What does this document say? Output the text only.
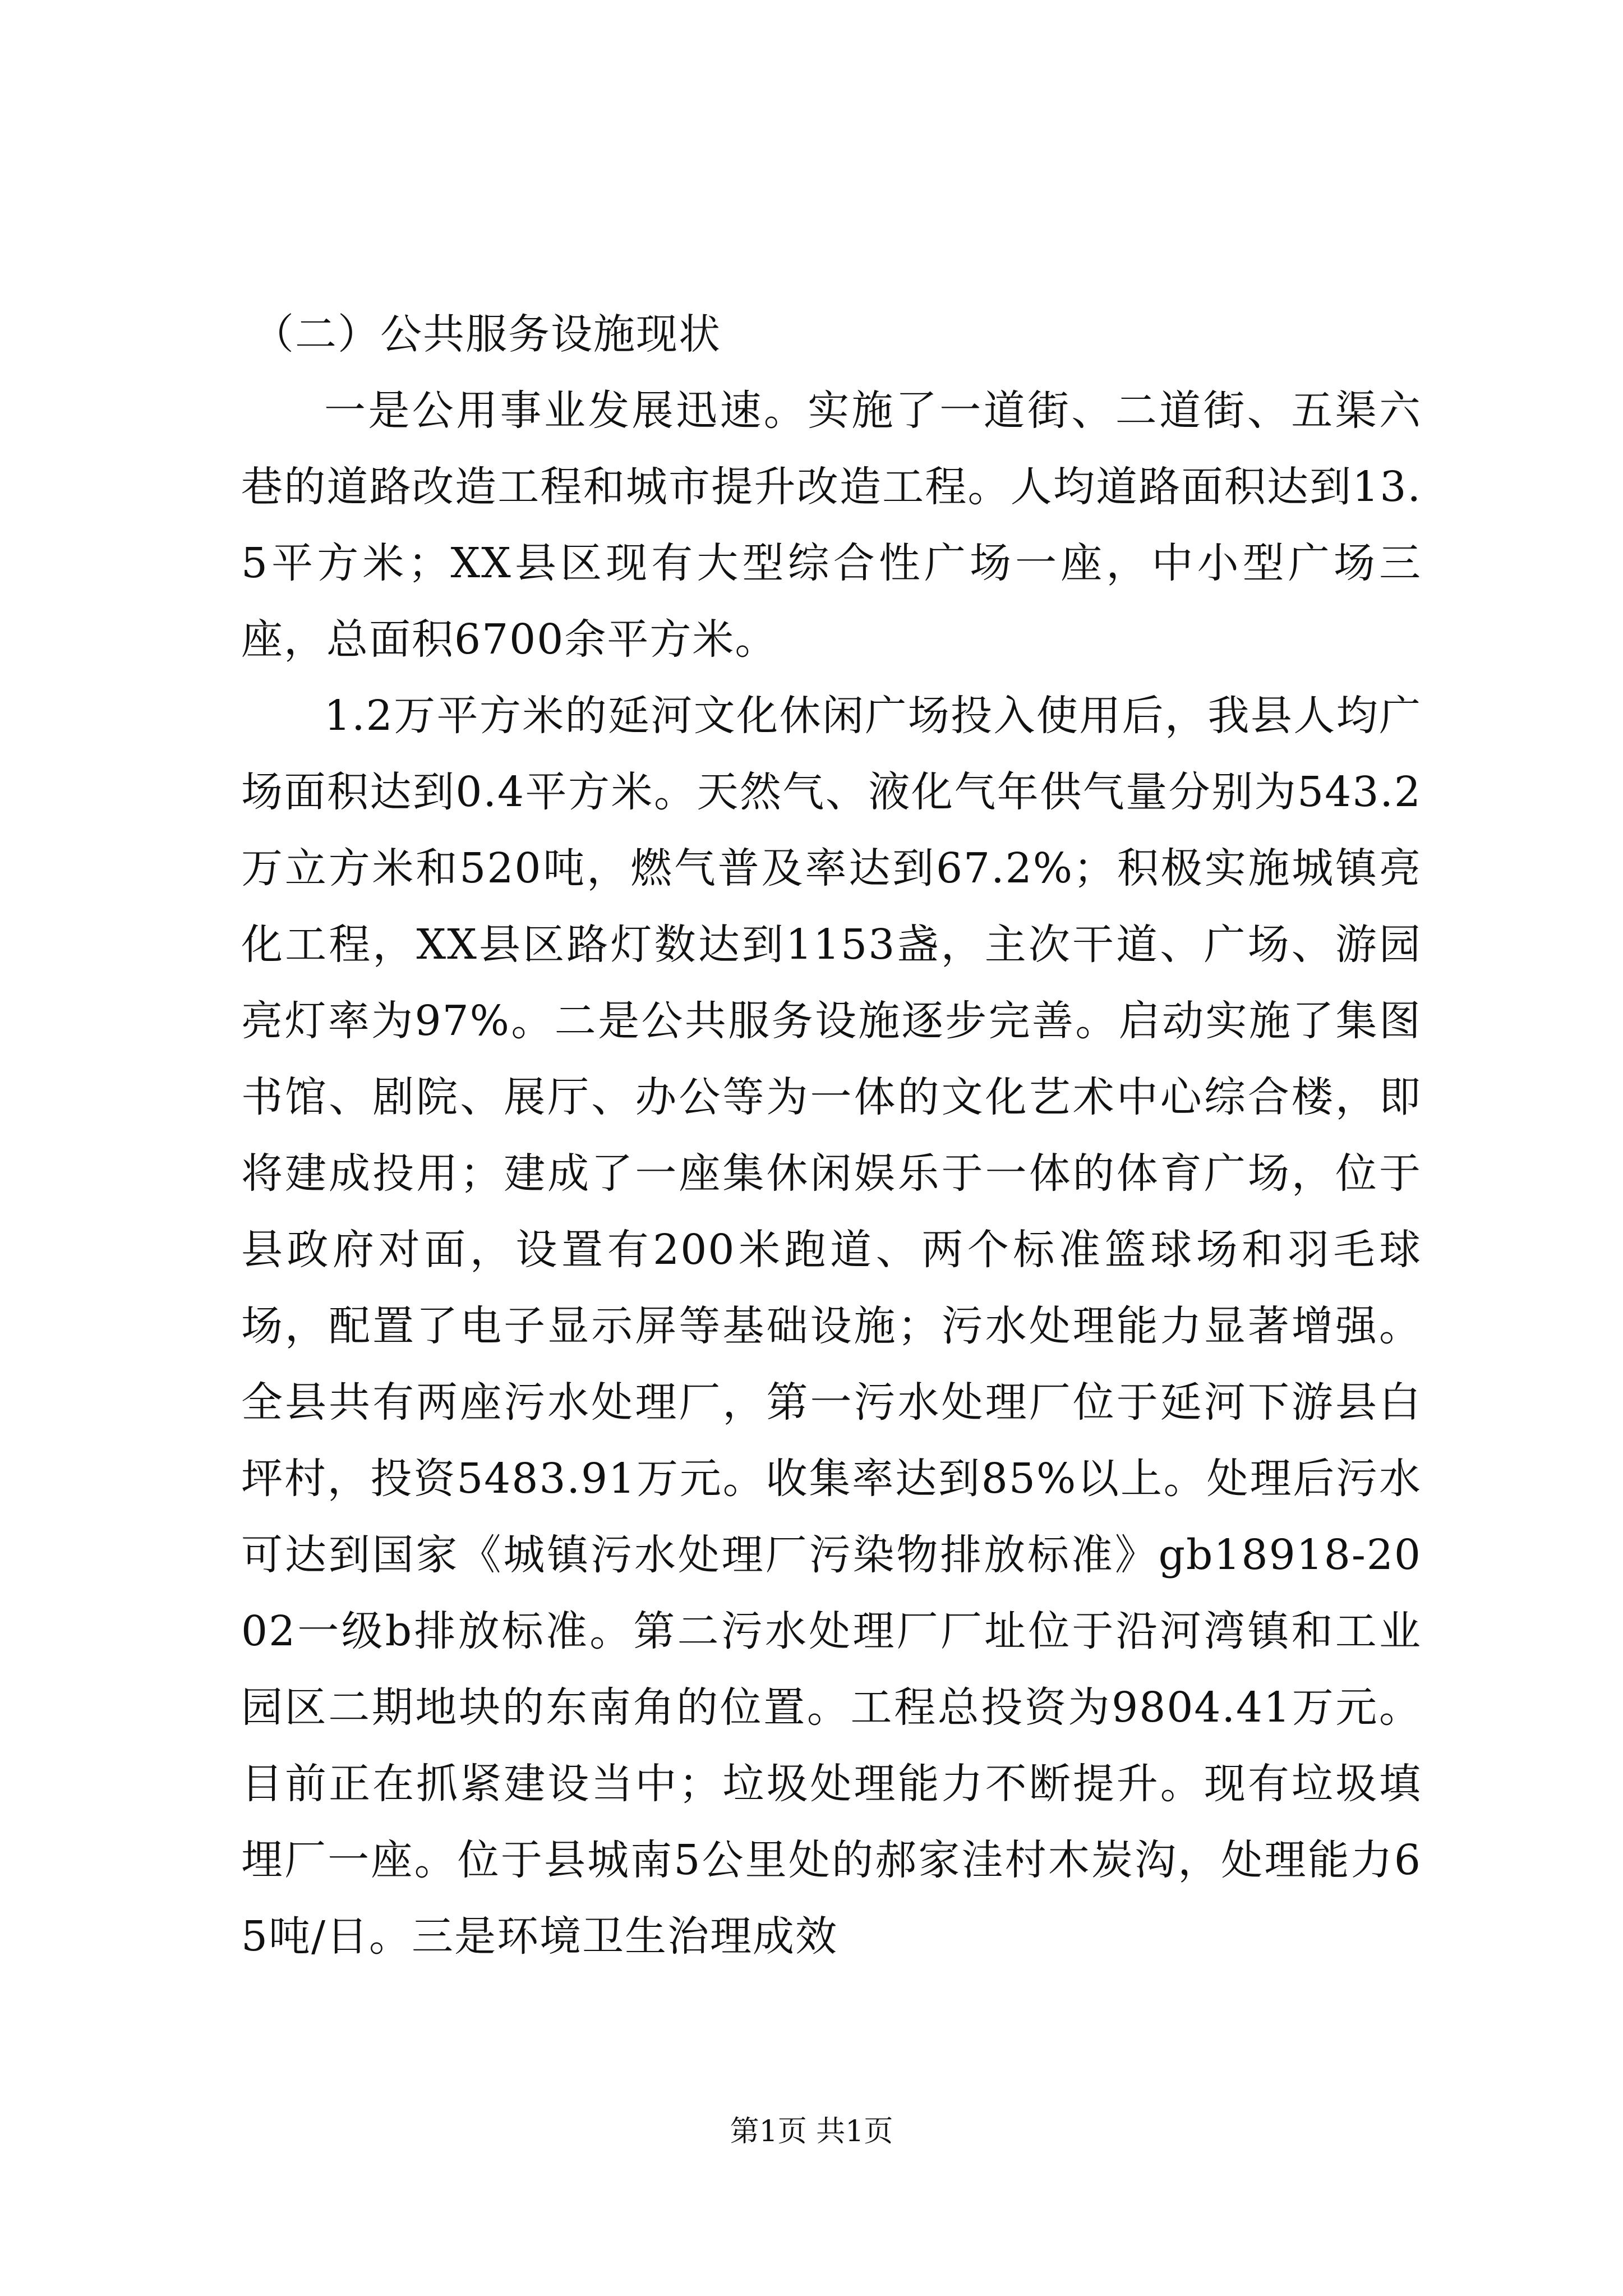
（二）公共服务设施现状

一是公用事业发展迅速。实施了一道街、二道街、五渠六巷的道路改造工程和城市提升改造工程。人均道路面积达到13.5平方米；XX县区现有大型综合性广场一座，中小型广场三座，总面积6700余平方米。

1.2万平方米的延河文化休闲广场投入使用后，我县人均广场面积达到0.4平方米。天然气、液化气年供气量分别为543.2万立方米和520吨，燃气普及率达到67.2%；积极实施城镇亮化工程，XX县区路灯数达到1153盏，主次干道、广场、游园亮灯率为97%。二是公共服务设施逐步完善。启动实施了集图书馆、剧院、展厅、办公等为一体的文化艺术中心综合楼，即将建成投用；建成了一座集休闲娱乐于一体的体育广场，位于县政府对面，设置有200米跑道、两个标准篮球场和羽毛球场，配置了电子显示屏等基础设施；污水处理能力显著增强。全县共有两座污水处理厂，第一污水处理厂位于延河下游县白坪村，投资5483.91万元。收集率达到85%以上。处理后污水可达到国家《城镇污水处理厂污染物排放标准》gb18918-2002一级b排放标准。第二污水处理厂厂址位于沿河湾镇和工业园区二期地块的东南角的位置。工程总投资为9804.41万元。目前正在抓紧建设当中；垃圾处理能力不断提升。现有垃圾填埋厂一座。位于县城南5公里处的郝家洼村木炭沟，处理能力65吨/日。三是环境卫生治理成效

第1页 共1页
